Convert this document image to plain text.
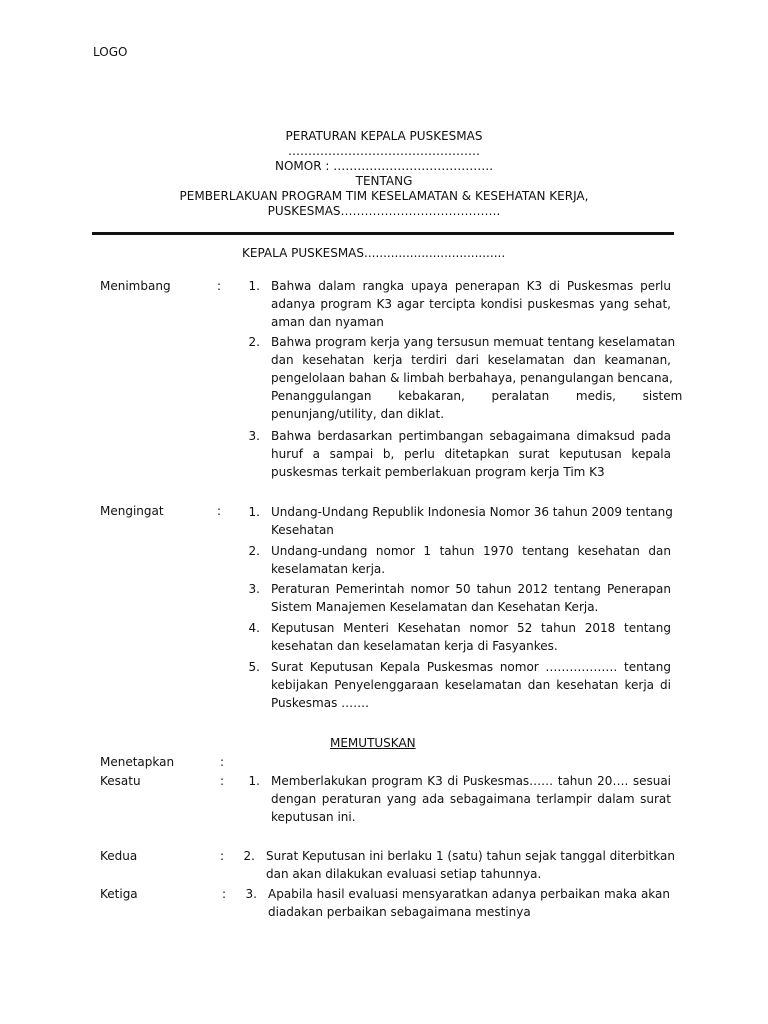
LOGO
PERATURAN KEPALA PUSKESMAS
…………………………………………
NOMOR : ………………………………….
TENTANG
PEMBERLAKUAN PROGRAM TIM KESELAMATAN & KESEHATAN KERJA,
PUSKESMAS………………………………….
KEPALA PUSKESMAS.....................................
Menimbang	:	1. Bahwa dalam rangka upaya penerapan K3 di Puskesmas perlu
adanya program K3 agar tercipta kondisi puskesmas yang sehat,
aman dan nyaman
2. Bahwa program kerja yang tersusun memuat tentang keselamatan
dan kesehatan kerja terdiri dari keselamatan dan keamanan,
pengelolaan bahan & limbah berbahaya, penangulangan bencana,
Penanggulangan       kebakaran,       peralatan       medis,       sistem
penunjang/utility, dan diklat.
3. Bahwa berdasarkan pertimbangan sebagaimana dimaksud pada
huruf a sampai b, perlu ditetapkan surat keputusan kepala
puskesmas terkait pemberlakuan program kerja Tim K3
Mengingat	:	1. Undang-Undang Republik Indonesia Nomor 36 tahun 2009 tentang
Kesehatan
2. Undang-undang nomor 1 tahun 1970 tentang kesehatan dan
keselamatan kerja.
3. Peraturan Pemerintah nomor 50 tahun 2012 tentang Penerapan
Sistem Manajemen Keselamatan dan Kesehatan Kerja.
4. Keputusan Menteri Kesehatan nomor 52 tahun 2018 tentang
kesehatan dan keselamatan kerja di Fasyankes.
5. Surat Keputusan Kepala Puskesmas nomor ……………… tentang
kebijakan Penyelenggaraan keselamatan dan kesehatan kerja di
Puskesmas …….
MEMUTUSKAN
Menetapkan	:
Kesatu	:	1. Memberlakukan program K3 di Puskesmas…… tahun 20…. sesuai
dengan peraturan yang ada sebagaimana terlampir dalam surat
keputusan ini.
Kedua	:	2. Surat Keputusan ini berlaku 1 (satu) tahun sejak tanggal diterbitkan
dan akan dilakukan evaluasi setiap tahunnya.
Ketiga	:	3. Apabila hasil evaluasi mensyaratkan adanya perbaikan maka akan
diadakan perbaikan sebagaimana mestinya
